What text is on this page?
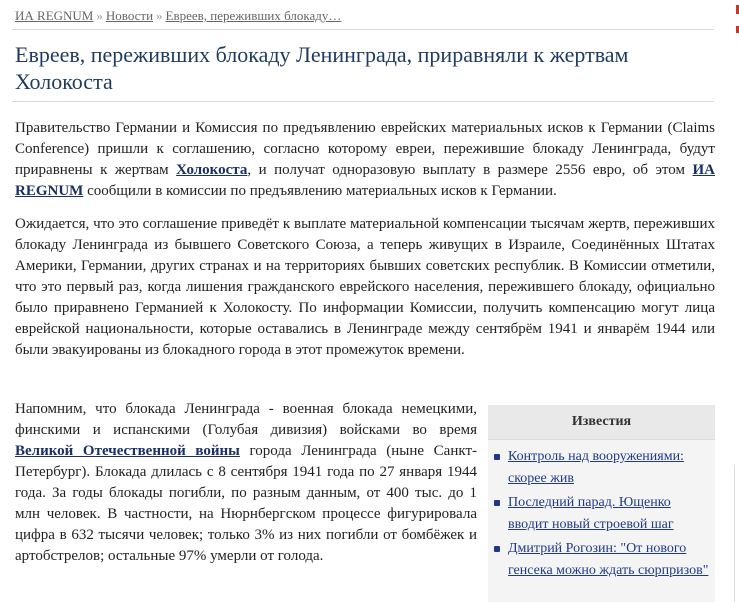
ИА REGNUM » Новости » Евреев, переживших блокаду…
Евреев, переживших блокаду Ленинграда, приравняли к жертвам Холокоста

Правительство Германии и Комиссия по предъявлению еврейских материальных исков к Германии (Claims Conference) пришли к соглашению, согласно которому евреи, пережившие блокаду Ленинграда, будут приравнены к жертвам Холокоста, и получат одноразовую выплату в размере 2556 евро, об этом ИА REGNUM сообщили в комиссии по предъявлению материальных исков к Германии.

Ожидается, что это соглашение приведёт к выплате материальной компенсации тысячам жертв, переживших блокаду Ленинграда из бывшего Советского Союза, а теперь живущих в Израиле, Соединённых Штатах Америки, Германии, других странах и на территориях бывших советских республик. В Комиссии отметили, что это первый раз, когда лишения гражданского еврейского населения, пережившего блокаду, официально было приравнено Германией к Холокосту. По информации Комиссии, получить компенсацию могут лица еврейской национальности, которые оставались в Ленинграде между сентябрём 1941 и январём 1944 или были эвакуированы из блокадного города в этот промежуток времени.

Напомним, что блокада Ленинграда - военная блокада немецкими, финскими и испанскими (Голубая дивизия) войсками во время Великой Отечественной войны города Ленинграда (ныне Санкт-Петербург). Блокада длилась с 8 сентября 1941 года по 27 января 1944 года. За годы блокады погибли, по разным данным, от 400 тыс. до 1 млн человек. В частности, на Нюрнбергском процессе фигурировала цифра в 632 тысячи человек; только 3% из них погибли от бомбёжек и артобстрелов; остальные 97% умерли от голода.

Известия
Контроль над вооружениями: скорее жив
Последний парад. Ющенко вводит новый строевой шаг
Дмитрий Рогозин: "От нового генсека можно ждать сюрпризов"
